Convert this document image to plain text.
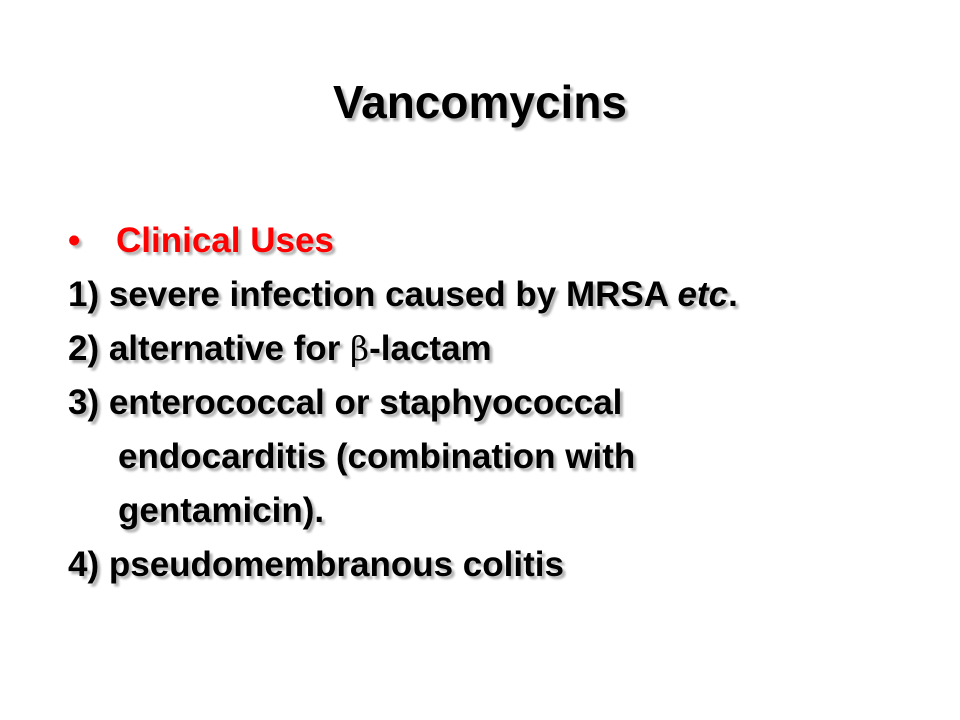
Vancomycins
• Clinical Uses
1) severe infection caused by MRSA etc.
2) alternative for β-lactam
3) enterococcal or staphyococcal
endocarditis (combination with
gentamicin).
4) pseudomembranous colitis
